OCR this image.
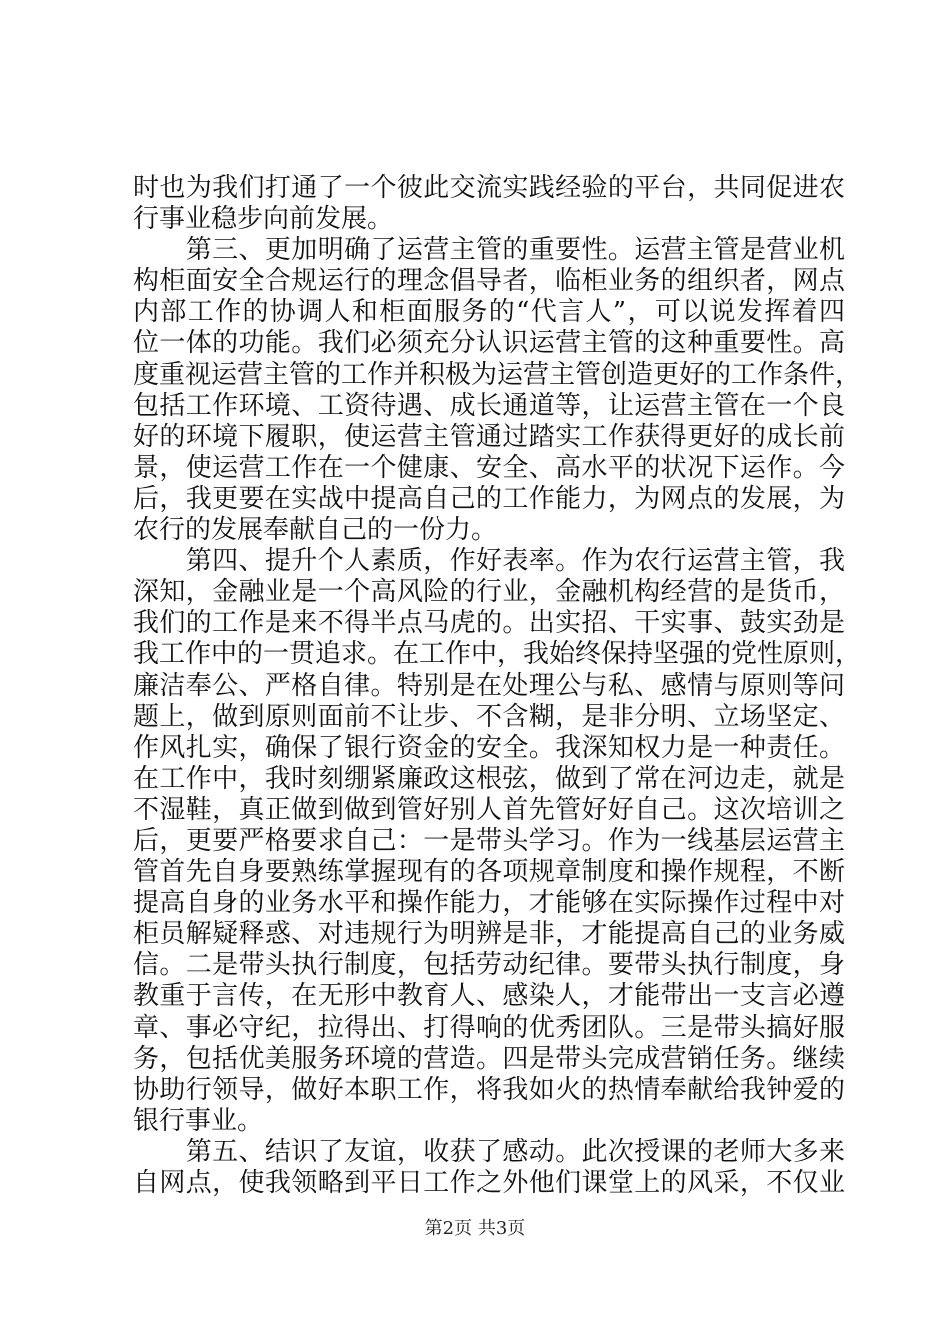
时也为我们打通了一个彼此交流实践经验的平台，共同促进农
行事业稳步向前发展。
　　第三、更加明确了运营主管的重要性。运营主管是营业机
构柜面安全合规运行的理念倡导者，临柜业务的组织者，网点
内部工作的协调人和柜面服务的“代言人”，可以说发挥着四
位一体的功能。我们必须充分认识运营主管的这种重要性。高
度重视运营主管的工作并积极为运营主管创造更好的工作条件，
包括工作环境、工资待遇、成长通道等，让运营主管在一个良
好的环境下履职，使运营主管通过踏实工作获得更好的成长前
景，使运营工作在一个健康、安全、高水平的状况下运作。今
后，我更要在实战中提高自己的工作能力，为网点的发展，为
农行的发展奉献自己的一份力。
　　第四、提升个人素质，作好表率。作为农行运营主管，我
深知，金融业是一个高风险的行业，金融机构经营的是货币，
我们的工作是来不得半点马虎的。出实招、干实事、鼓实劲是
我工作中的一贯追求。在工作中，我始终保持坚强的党性原则，
廉洁奉公、严格自律。特别是在处理公与私、感情与原则等问
题上，做到原则面前不让步、不含糊，是非分明、立场坚定、
作风扎实，确保了银行资金的安全。我深知权力是一种责任。
在工作中，我时刻绷紧廉政这根弦，做到了常在河边走，就是
不湿鞋，真正做到做到管好别人首先管好好自己。这次培训之
后，更要严格要求自己：一是带头学习。作为一线基层运营主
管首先自身要熟练掌握现有的各项规章制度和操作规程，不断
提高自身的业务水平和操作能力，才能够在实际操作过程中对
柜员解疑释惑、对违规行为明辨是非，才能提高自己的业务威
信。二是带头执行制度，包括劳动纪律。要带头执行制度，身
教重于言传，在无形中教育人、感染人，才能带出一支言必遵
章、事必守纪，拉得出、打得响的优秀团队。三是带头搞好服
务，包括优美服务环境的营造。四是带头完成营销任务。继续
协助行领导，做好本职工作，将我如火的热情奉献给我钟爱的
银行事业。
　　第五、结识了友谊，收获了感动。此次授课的老师大多来
自网点，使我领略到平日工作之外他们课堂上的风采，不仅业
第2页 共3页
